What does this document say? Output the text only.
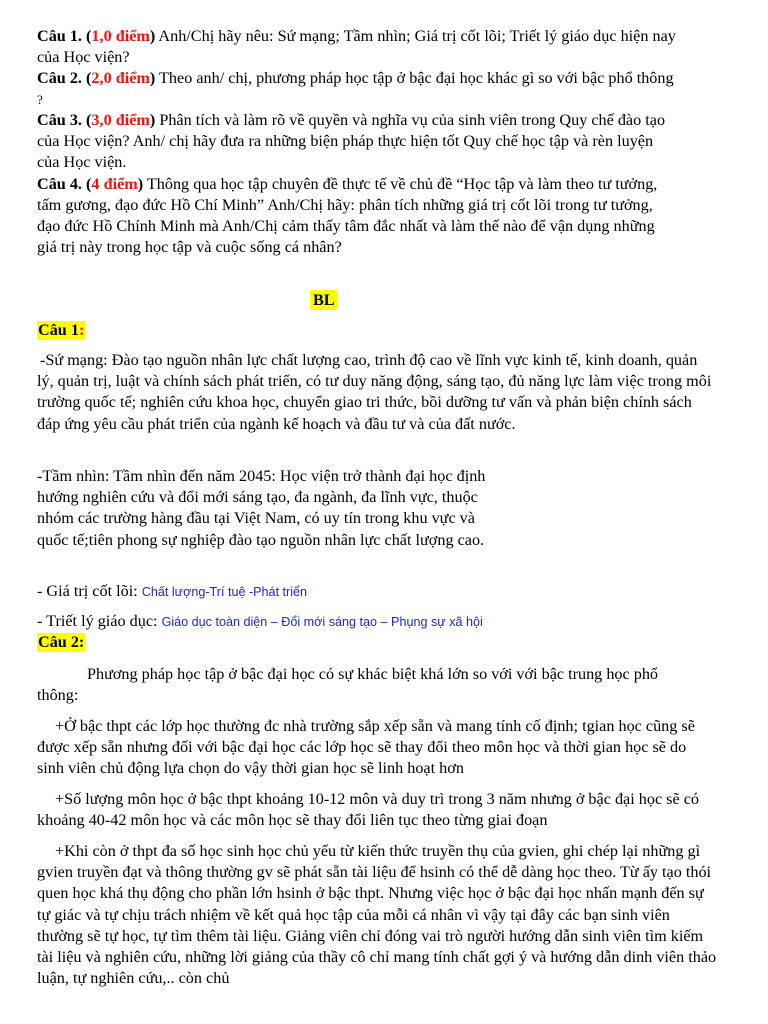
Câu 1. (1,0 điểm) Anh/Chị hãy nêu: Sứ mạng; Tầm nhìn; Giá trị cốt lõi; Triết lý giáo dục hiện nay của Học viện?
Câu 2. (2,0 điểm) Theo anh/ chị, phương pháp học tập ở bậc đại học khác gì so với bậc phổ thông ?
Câu 3. (3,0 điểm) Phân tích và làm rõ về quyền và nghĩa vụ của sinh viên trong Quy chế đào tạo của Học viện? Anh/ chị hãy đưa ra những biện pháp thực hiện tốt Quy chế học tập và rèn luyện của Học viện.
Câu 4. (4 điểm) Thông qua học tập chuyên đề thực tế về chủ đề “Học tập và làm theo tư tưởng, tấm gương, đạo đức Hồ Chí Minh” Anh/Chị hãy: phân tích những giá trị cốt lõi trong tư tưởng, đạo đức Hồ Chính Minh mà Anh/Chị cảm thấy tâm đắc nhất và làm thế nào để vận dụng những giá trị này trong học tập và cuộc sống cá nhân?
BL
Câu 1:
-Sứ mạng: Đào tạo nguồn nhân lực chất lượng cao, trình độ cao về lĩnh vực kinh tế, kinh doanh, quản lý, quản trị, luật và chính sách phát triển, có tư duy năng động, sáng tạo, đủ năng lực làm việc trong môi trường quốc tế; nghiên cứu khoa học, chuyển giao tri thức, bồi dưỡng tư vấn và phản biện chính sách đáp ứng yêu cầu phát triển của ngành kế hoạch và đầu tư và của đất nước.
-Tầm nhìn: Tầm nhìn đến năm 2045: Học viện trở thành đại học định hướng nghiên cứu và đổi mới sáng tạo, đa ngành, đa lĩnh vực, thuộc nhóm các trường hàng đầu tại Việt Nam, có uy tín trong khu vực và quốc tế;tiên phong sự nghiệp đào tạo nguồn nhân lực chất lượng cao.
- Giá trị cốt lõi: Chất lượng-Trí tuệ -Phát triển
- Triết lý giáo dục: Giáo dục toàn diện – Đổi mới sáng tạo – Phụng sự xã hội
Câu 2:
Phương pháp học tập ở bậc đại học có sự khác biệt khá lớn so với với bậc trung học phổ thông:
+Ở bậc thpt các lớp học thường đc nhà trường sắp xếp sẵn và mang tính cố định; tgian học cũng sẽ được xếp sẵn nhưng đối với bậc đại học các lớp học sẽ thay đổi theo môn học và thời gian học sẽ do sinh viên chủ động lựa chọn do vậy thời gian học sẽ linh hoạt hơn
+Số lượng môn học ở bậc thpt khoảng 10-12 môn và duy trì trong 3 năm nhưng ở bậc đại học sẽ có khoảng 40-42 môn học và các môn học sẽ thay đổi liên tục theo từng giai đoạn
+Khi còn ở thpt đa số học sinh học chủ yếu từ kiến thức truyền thụ của gvien, ghi chép lại những gì gvien truyền đạt và thông thường gv sẽ phát sẵn tài liệu để hsinh có thể dễ dàng học theo. Từ ấy tạo thói quen học khá thụ động cho phần lớn hsinh ở bậc thpt. Nhưng việc học ở bậc đại học nhấn mạnh đến sự tự giác và tự chịu trách nhiệm về kết quả học tập của mỗi cá nhân vì vậy tại đây các bạn sinh viên thường sẽ tự học, tự tìm thêm tài liệu. Giảng viên chỉ đóng vai trò người hướng dẫn sinh viên tìm kiếm tài liệu và nghiên cứu, những lời giảng của thầy cô chỉ mang tính chất gợi ý và hướng dẫn dinh viên thảo luận, tự nghiên cứu,.. còn chủ
